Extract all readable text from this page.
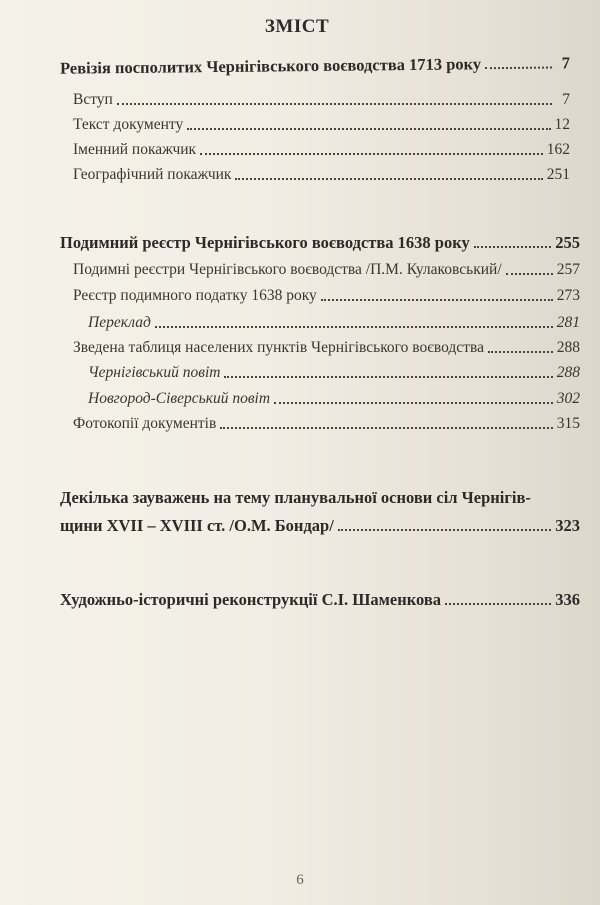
ЗМІСТ
Ревізія посполитих Чернігівського воєводства 1713 року	7
Вступ	7
Текст документу	12
Іменний покажчик	162
Географічний покажчик	251
Подимний реєстр Чернігівського воєводства 1638 року	255
Подимні реєстри Чернігівського воєводства /П.М. Кулаковський/	257
Реєстр подимного податку 1638 року	273
Переклад	281
Зведена таблиця населених пунктів Чернігівського воєводства	288
Чернігівський повіт	288
Новгород-Сіверський повіт	302
Фотокопії документів	315
Декілька зауважень на тему планувальної основи сіл Чернігів-
щини XVII – XVIII ст. /О.М. Бондар/	323
Художньо-історичні реконструкції С.І. Шаменкова	336
6
